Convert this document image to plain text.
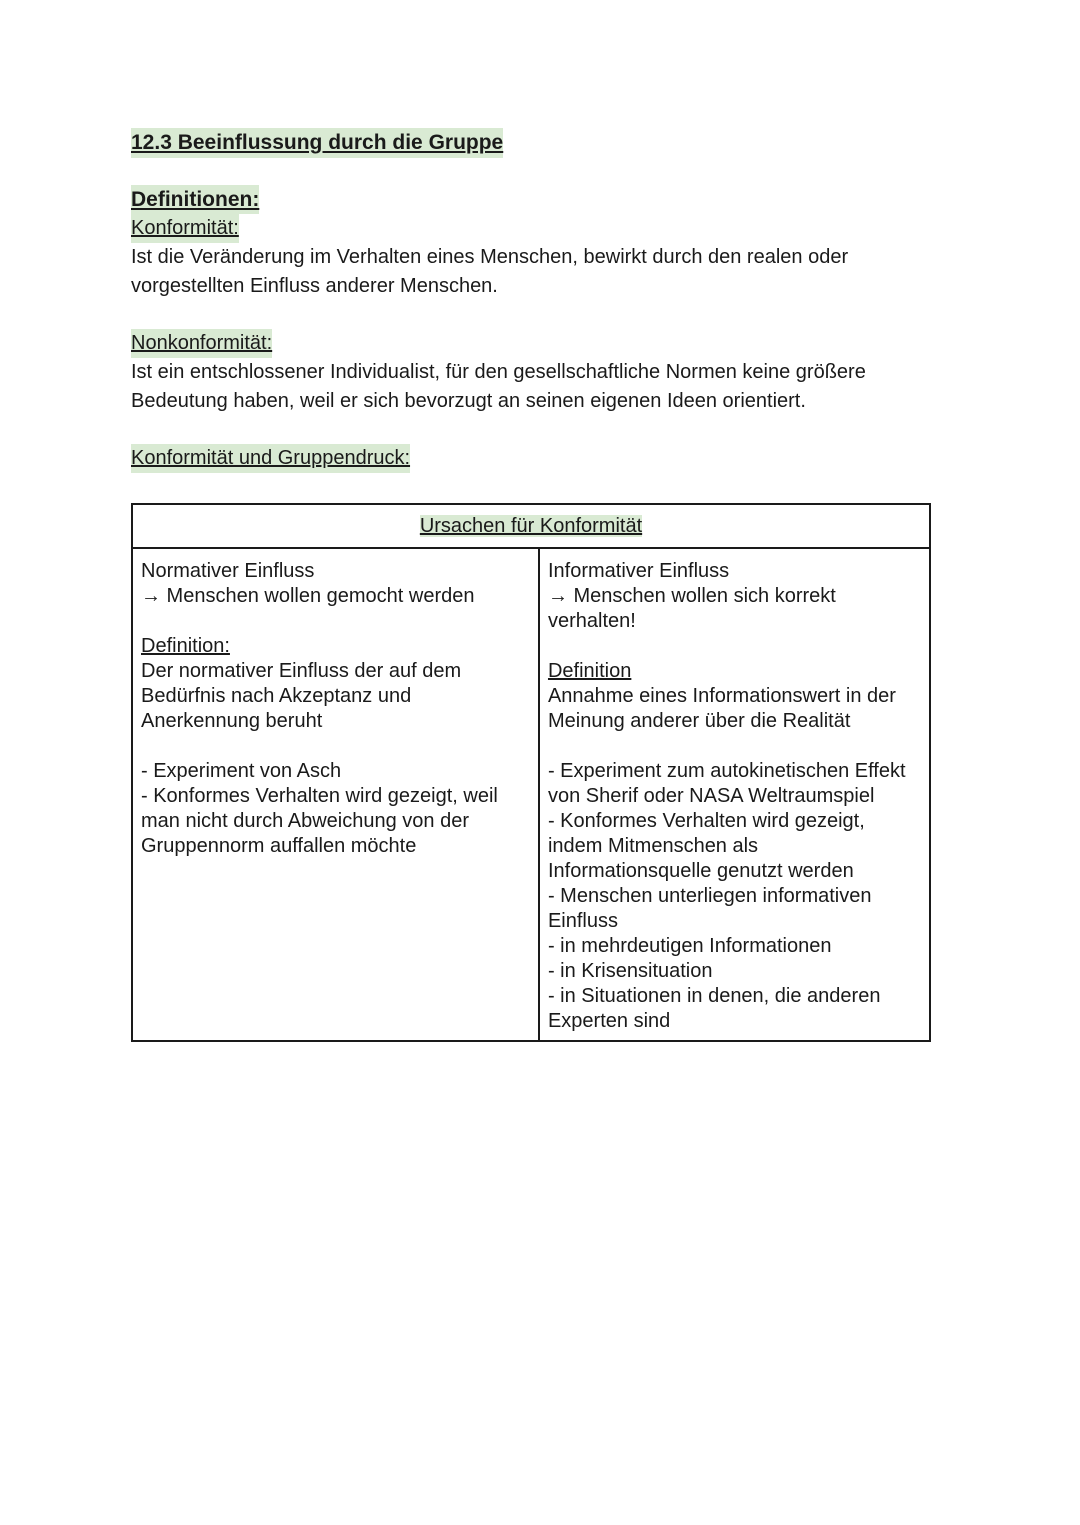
12.3 Beeinflussung durch die Gruppe
Definitionen:
Konformität:

Ist die Veränderung im Verhalten eines Menschen, bewirkt durch den realen oder vorgestellten Einfluss anderer Menschen.

Nonkonformität:

Ist ein entschlossener Individualist, für den gesellschaftliche Normen keine größere Bedeutung haben, weil er sich bevorzugt an seinen eigenen Ideen orientiert.

Konformität und Gruppendruck:
Ursachen für Konformität

Normativer Einfluss
→ Menschen wollen gemocht werden
Definition:
Der normativer Einfluss der auf dem Bedürfnis nach Akzeptanz und Anerkennung beruht
- Experiment von Asch
- Konformes Verhalten wird gezeigt, weil man nicht durch Abweichung von der Gruppennorm auffallen möchte

Informativer Einfluss
→ Menschen wollen sich korrekt verhalten!
Definition
Annahme eines Informationswert in der Meinung anderer über die Realität
- Experiment zum autokinetischen Effekt von Sherif oder NASA Weltraumspiel
- Konformes Verhalten wird gezeigt, indem Mitmenschen als Informationsquelle genutzt werden
- Menschen unterliegen informativen Einfluss
- in mehrdeutigen Informationen
- in Krisensituation
- in Situationen in denen, die anderen Experten sind
